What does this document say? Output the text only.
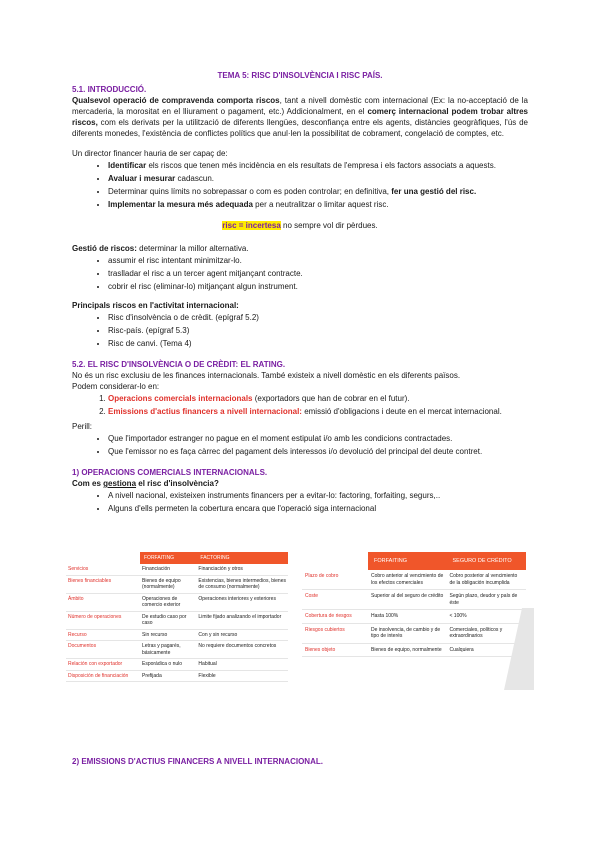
TEMA 5: RISC D'INSOLVÈNCIA I RISC PAÍS.

5.1. INTRODUCCIÓ.

Qualsevol operació de compravenda comporta riscos, tant a nivell domèstic com internacional (Ex: la no-acceptació de la mercaderia, la morositat en el lliurament o pagament, etc.) Addicionalment, en el comerç internacional podem trobar altres riscos, com els derivats per la utilització de diferents llengües, desconfiança entre els agents, distàncies geogràfiques, l'ús de diferents monedes, l'existència de conflictes polítics que anul·len la possibilitat de cobrament, congelació de comptes, etc.

Un director financer hauria de ser capaç de:

• Identificar els riscos que tenen més incidència en els resultats de l'empresa i els factors associats a aquests.
• Avaluar i mesurar cadascun.
• Determinar quins límits no sobrepassar o com es poden controlar; en definitiva, fer una gestió del risc.
• Implementar la mesura més adequada per a neutralitzar o limitar aquest risc.

risc = incertesa no sempre vol dir pèrdues.

Gestió de riscos: determinar la millor alternativa.

• assumir el risc intentant minimitzar-lo.
• traslladar el risc a un tercer agent mitjançant contracte.
• cobrir el risc (eliminar-lo) mitjançant algun instrument.

Principals riscos en l'activitat internacional:

• Risc d'insolvència o de crèdit. (epígraf 5.2)
• Risc-país. (epígraf 5.3)
• Risc de canvi. (Tema 4)

5.2. EL RISC D'INSOLVÈNCIA O DE CRÈDIT: EL RATING.

No és un risc exclusiu de les finances internacionals. També existeix a nivell domèstic en els diferents països.

Podem considerar-lo en:

1. Operacions comercials internacionals (exportadors que han de cobrar en el futur).
2. Emissions d'actius financers a nivell internacional: emissió d'obligacions i deute en el mercat internacional.

Perill:

• Que l'importador estranger no pague en el moment estipulat i/o amb les condicions contractades.
• Que l'emissor no es faça càrrec del pagament dels interessos i/o devolució del principal del deute contret.

1) OPERACIONS COMERCIALS INTERNACIONALS.

Com es gestiona el risc d'insolvència?

• A nivell nacional, existeixen instruments financers per a evitar-lo: factoring, forfaiting, segurs,..
• Alguns d'ells permeten la cobertura encara que l'operació siga internacional
	FORFAITING	FACTORING
Servicios	Financiación	Financiación y otros
Bienes financiables	Bienes de equipo (normalmente)	Existencias, bienes intermedios, bienes de consumo (normalmente)
Ámbito	Operaciones de comercio exterior	Operaciones interiores y exteriores
Número de operaciones	De estudio caso por caso	Limite fijado analizando el importador
Recurso	Sin recurso	Con y sin recurso
Documentos	Letras y pagarés, básicamente	No requiere documentos concretos
Relación con exportador	Esporádica o nulo	Habitual
Disposición de financiación	Prefijada	Flexible
	FORFAITING	SEGURO DE CRÉDITO
Plazo de cobro	Cobro anterior al vencimiento de los efectos comerciales	Cobro posterior al vencimiento de la obligación incumplida
Coste	Superior al del seguro de crédito	Según plazo, deudor y país de éste
Cobertura de riesgos	Hasta 100%	< 100%
Riesgos cubiertos	De insolvencia, de cambio y de tipo de interés	Comerciales, políticos y extraordinarios
Bienes objeto	Bienes de equipo, normalmente	Cualquiera

2) EMISSIONS D'ACTIUS FINANCERS A NIVELL INTERNACIONAL.
